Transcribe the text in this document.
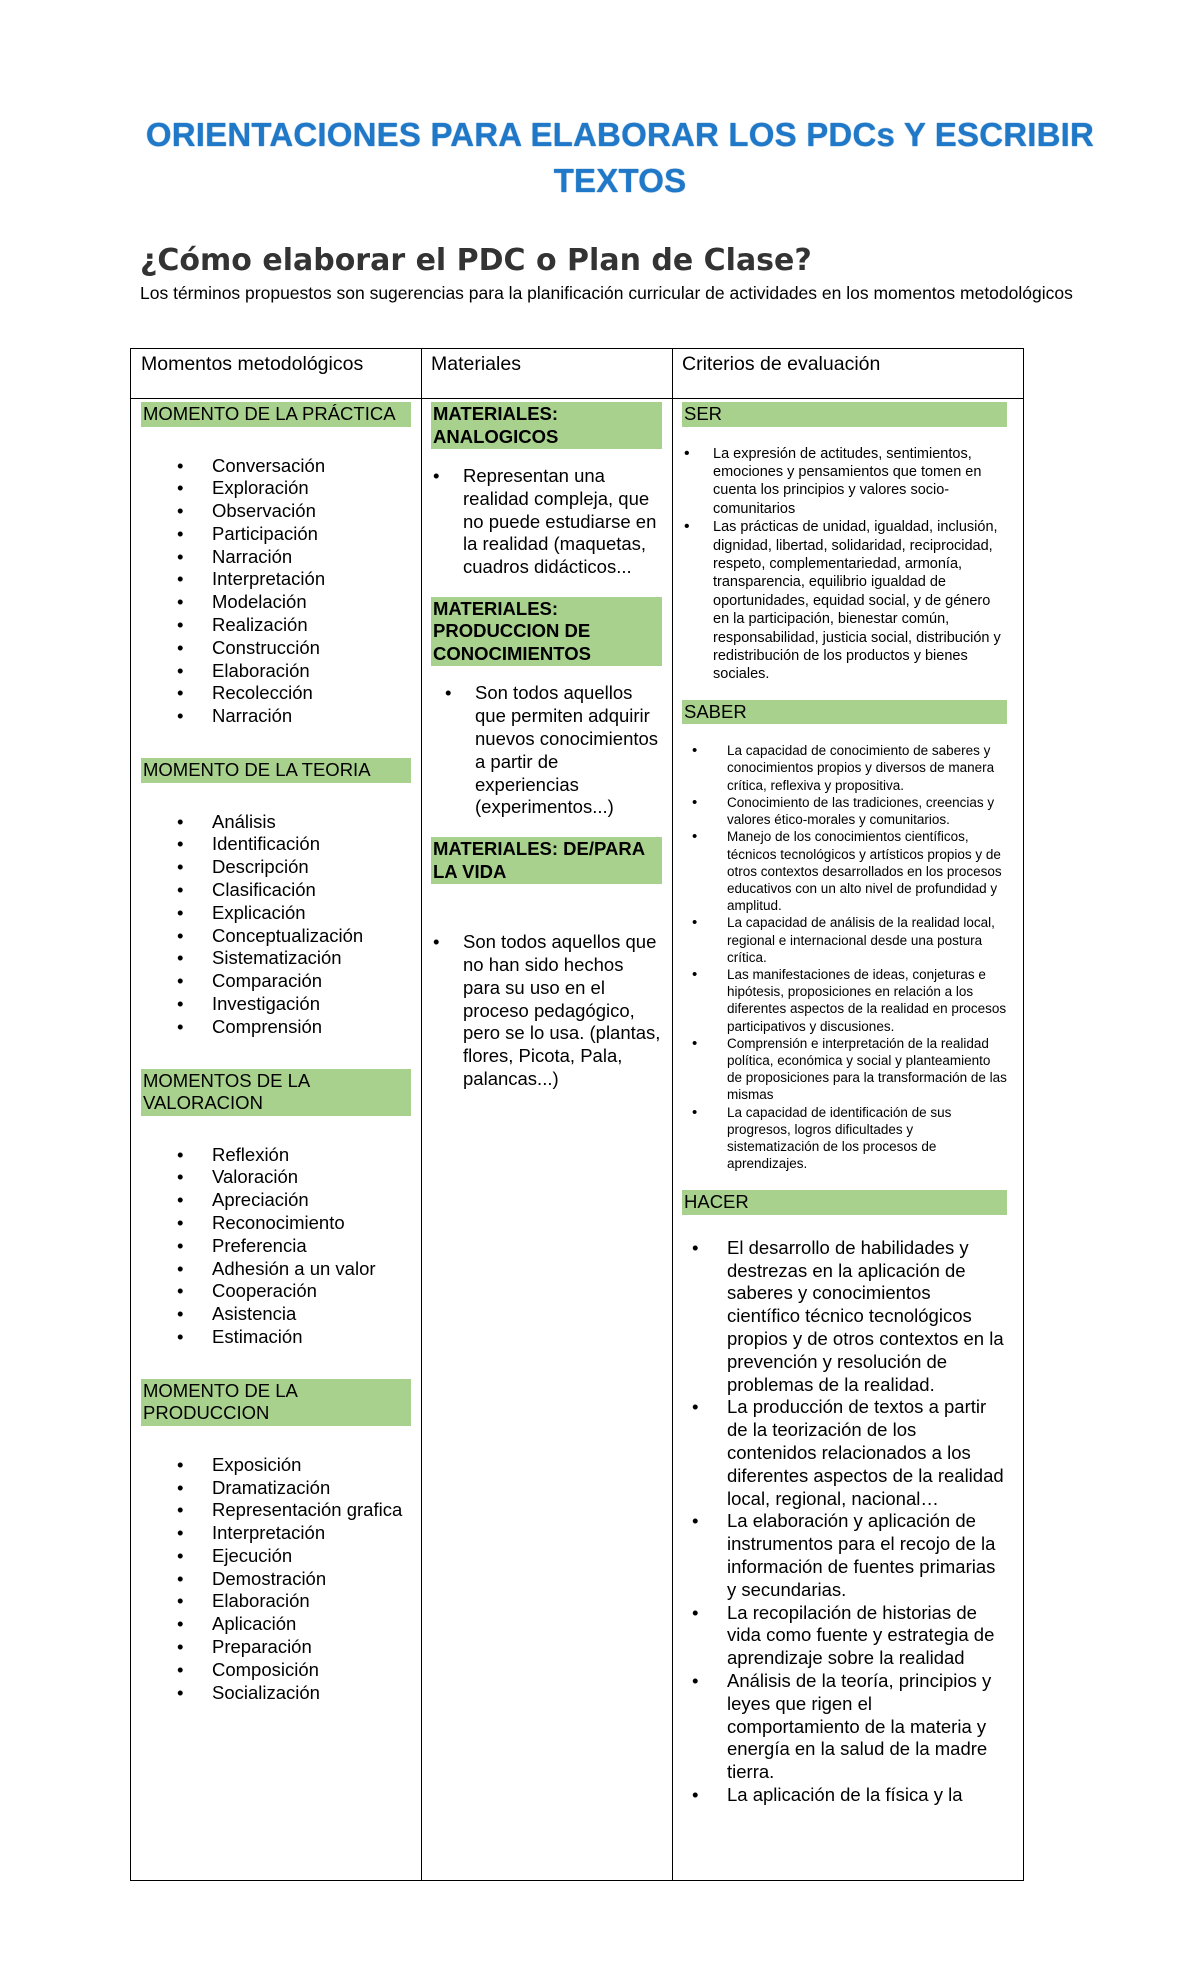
ORIENTACIONES PARA ELABORAR LOS PDCs Y ESCRIBIR TEXTOS
¿Cómo elaborar el PDC o Plan de Clase?
Los términos propuestos son sugerencias para la planificación curricular de actividades en los momentos metodológicos
Momentos metodológicos	Materiales	Criterios de evaluación
MOMENTO DE LA PRÁCTICA
• Conversación
• Exploración
• Observación
• Participación
• Narración
• Interpretación
• Modelación
• Realización
• Construcción
• Elaboración
• Recolección
• Narración
MOMENTO DE LA TEORIA
• Análisis
• Identificación
• Descripción
• Clasificación
• Explicación
• Conceptualización
• Sistematización
• Comparación
• Investigación
• Comprensión
MOMENTOS DE LA VALORACION
• Reflexión
• Valoración
• Apreciación
• Reconocimiento
• Preferencia
• Adhesión a un valor
• Cooperación
• Asistencia
• Estimación
MOMENTO DE LA PRODUCCION
• Exposición
• Dramatización
• Representación grafica
• Interpretación
• Ejecución
• Demostración
• Elaboración
• Aplicación
• Preparación
• Composición
• Socialización
MATERIALES: ANALOGICOS
• Representan una realidad compleja, que no puede estudiarse en la realidad (maquetas, cuadros didácticos...
MATERIALES: PRODUCCION DE CONOCIMIENTOS
• Son todos aquellos que permiten adquirir nuevos conocimientos a partir de experiencias (experimentos...)
MATERIALES: DE/PARA LA VIDA
• Son todos aquellos que no han sido hechos para su uso en el proceso pedagógico, pero se lo usa. (plantas, flores, Picota, Pala, palancas...)
SER
• La expresión de actitudes, sentimientos, emociones y pensamientos que tomen en cuenta los principios y valores socio-comunitarios
• Las prácticas de unidad, igualdad, inclusión, dignidad, libertad, solidaridad, reciprocidad, respeto, complementariedad, armonía, transparencia, equilibrio igualdad de oportunidades, equidad social, y de género en la participación, bienestar común, responsabilidad, justicia social, distribución y redistribución de los productos y bienes sociales.
SABER
• La capacidad de conocimiento de saberes y conocimientos propios y diversos de manera crítica, reflexiva y propositiva.
• Conocimiento de las tradiciones, creencias y valores ético-morales y comunitarios.
• Manejo de los conocimientos científicos, técnicos tecnológicos y artísticos propios y de otros contextos desarrollados en los procesos educativos con un alto nivel de profundidad y amplitud.
• La capacidad de análisis de la realidad local, regional e internacional desde una postura crítica.
• Las manifestaciones de ideas, conjeturas e hipótesis, proposiciones en relación a los diferentes aspectos de la realidad en procesos participativos y discusiones.
• Comprensión e interpretación de la realidad política, económica y social y planteamiento de proposiciones para la transformación de las mismas
• La capacidad de identificación de sus progresos, logros dificultades y sistematización de los procesos de aprendizajes.
HACER
• El desarrollo de habilidades y destrezas en la aplicación de saberes y conocimientos científico técnico tecnológicos propios y de otros contextos en la prevención y resolución de problemas de la realidad.
• La producción de textos a partir de la teorización de los contenidos relacionados a los diferentes aspectos de la realidad local, regional, nacional…
• La elaboración y aplicación de instrumentos para el recojo de la información de fuentes primarias y secundarias.
• La recopilación de historias de vida como fuente y estrategia de aprendizaje sobre la realidad
• Análisis de la teoría, principios y leyes que rigen el comportamiento de la materia y energía en la salud de la madre tierra.
• La aplicación de la física y la
